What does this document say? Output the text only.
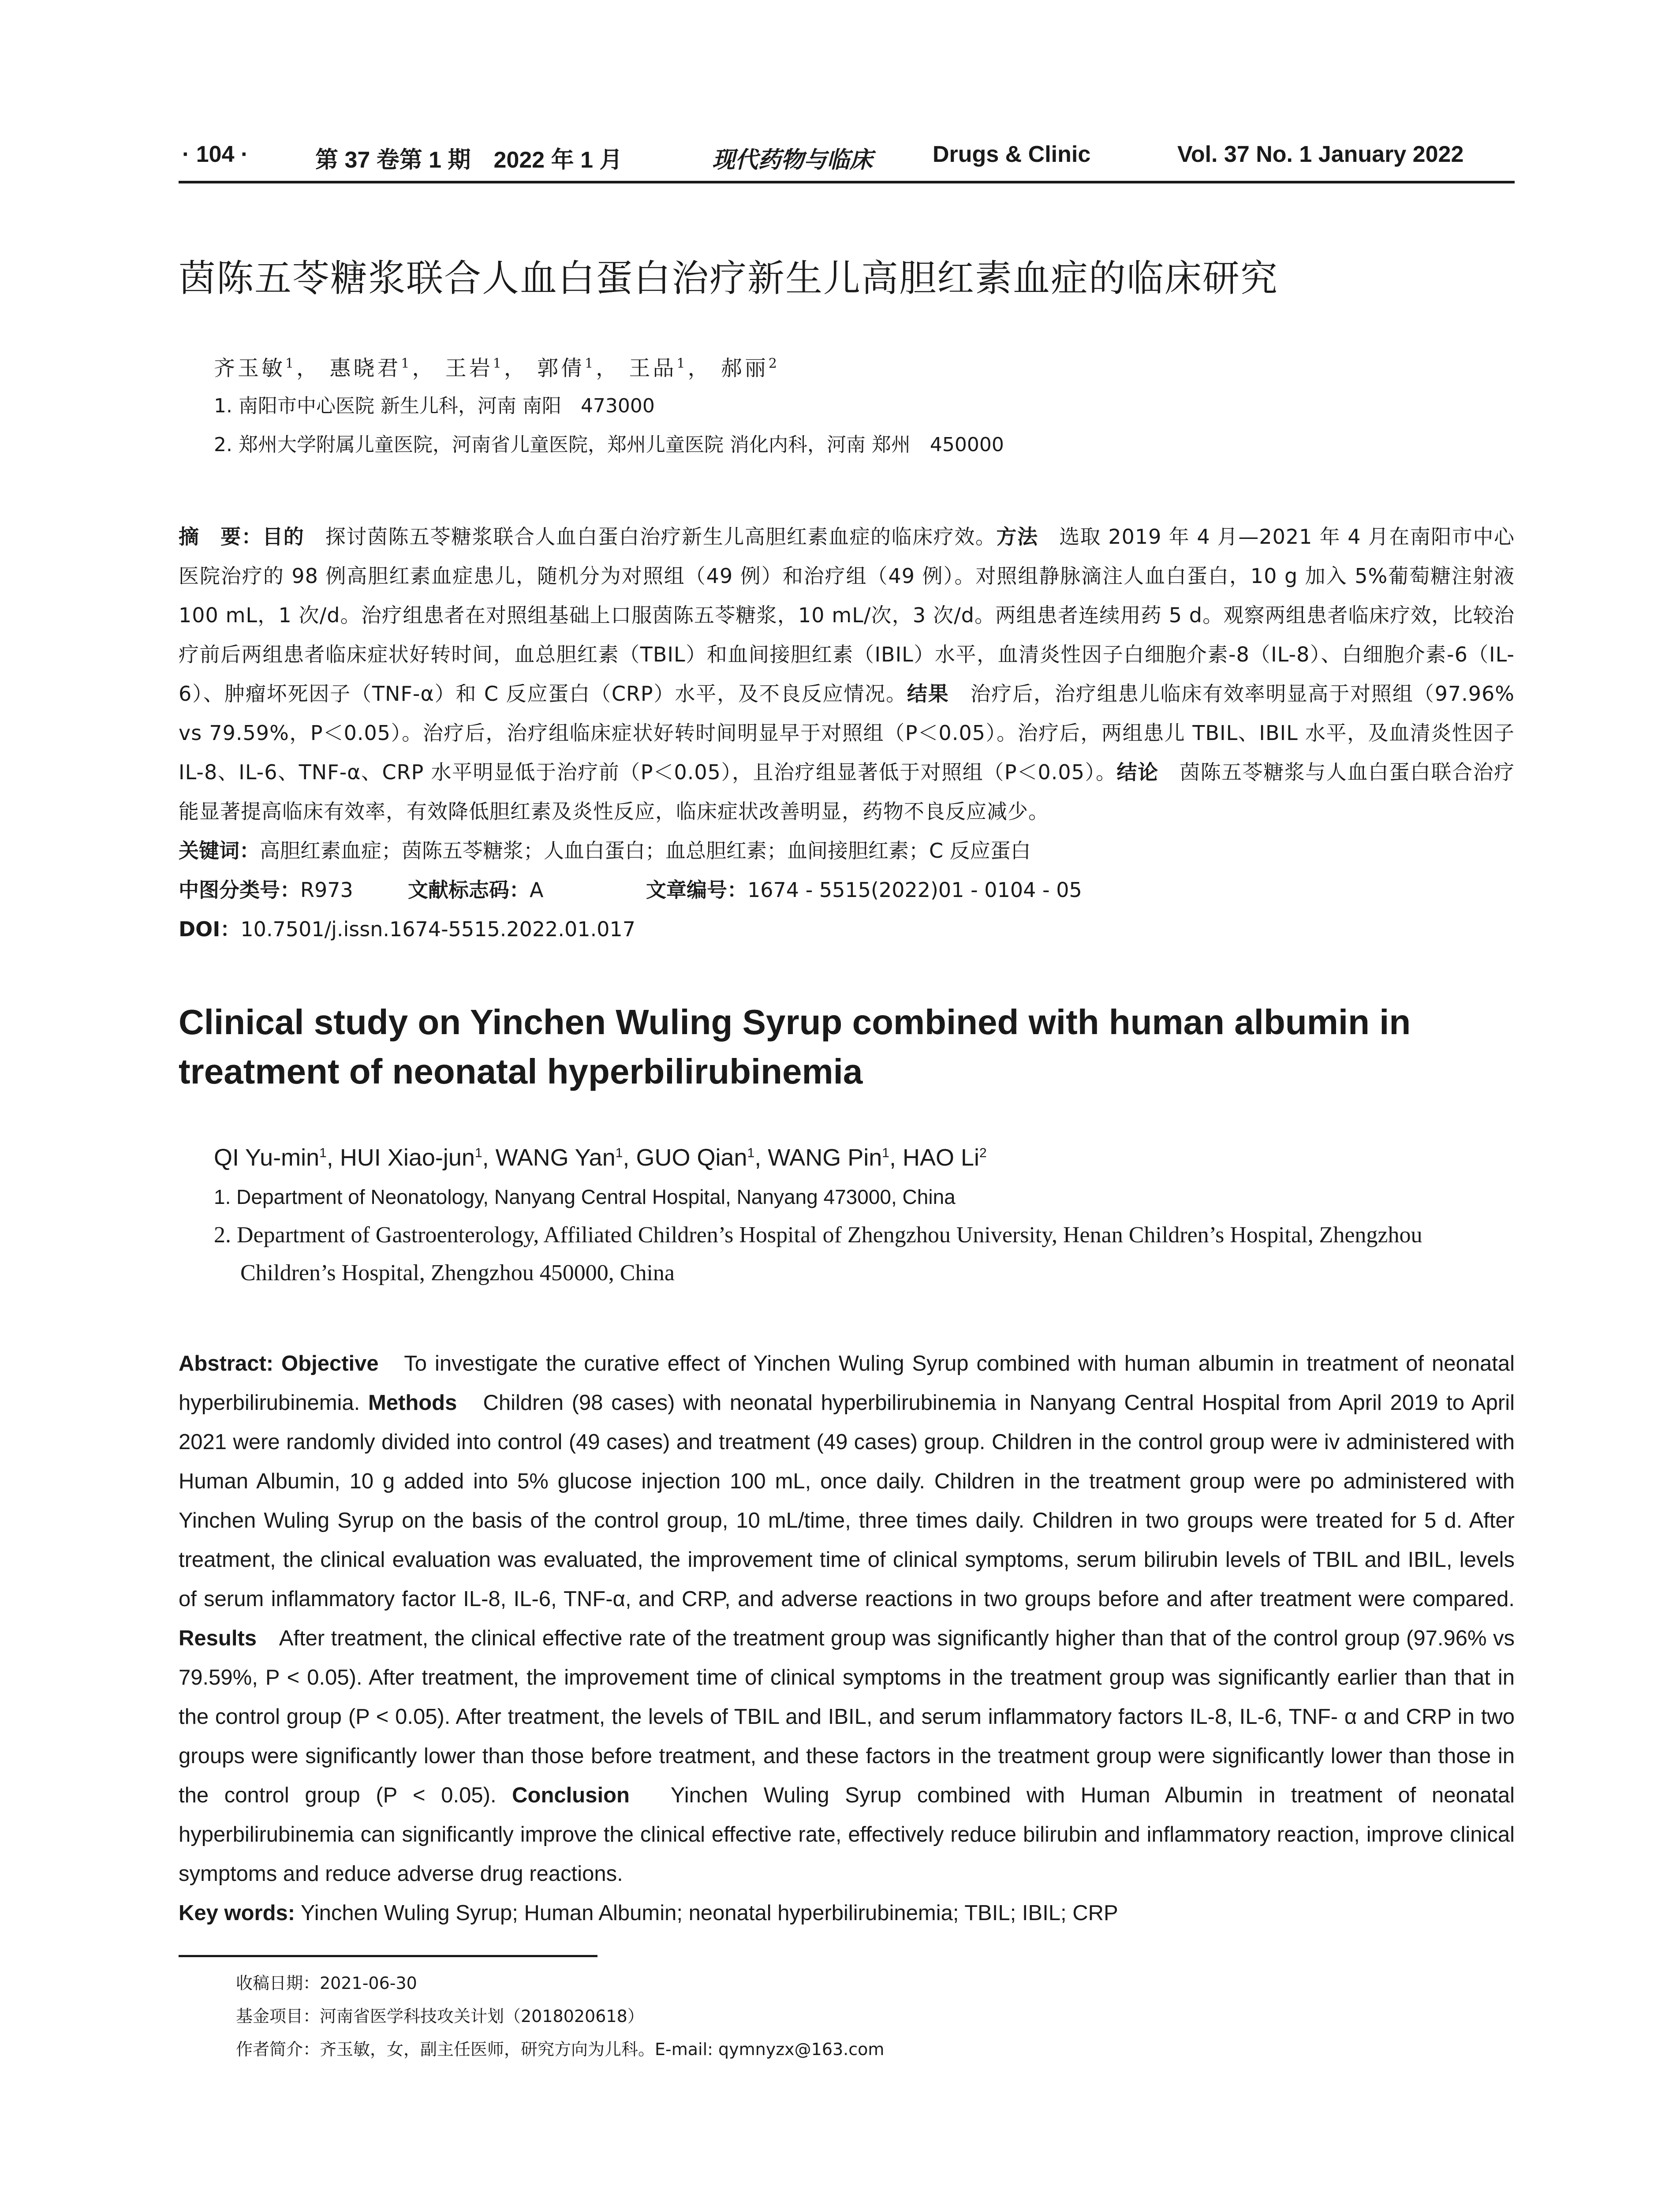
· 104 ·	第 37 卷第 1 期　2022 年 1 月	现代药物与临床	Drugs & Clinic	Vol. 37 No. 1 January 2022
茵陈五苓糖浆联合人血白蛋白治疗新生儿高胆红素血症的临床研究
齐玉敏$^1$， 惠晓君$^1$， 王岩$^1$， 郭倩$^1$， 王品$^1$， 郝丽$^2$
1. 南阳市中心医院 新生儿科，河南 南阳　473000
2. 郑州大学附属儿童医院，河南省儿童医院，郑州儿童医院 消化内科，河南 郑州　450000
摘　要：目的　探讨茵陈五苓糖浆联合人血白蛋白治疗新生儿高胆红素血症的临床疗效。方法　选取 2019 年 4 月—2021 年 4 月在南阳市中心医院治疗的 98 例高胆红素血症患儿，随机分为对照组（49 例）和治疗组（49 例）。对照组静脉滴注人血白蛋白，10 g 加入 5%葡萄糖注射液 100 mL，1 次/d。治疗组患者在对照组基础上口服茵陈五苓糖浆，10 mL/次，3 次/d。两组患者连续用药 5 d。观察两组患者临床疗效，比较治疗前后两组患者临床症状好转时间，血总胆红素（TBIL）和血间接胆红素（IBIL）水平，血清炎性因子白细胞介素-8（IL-8）、白细胞介素-6（IL-6）、肿瘤坏死因子（TNF-α）和 C 反应蛋白（CRP）水平，及不良反应情况。结果　治疗后，治疗组患儿临床有效率明显高于对照组（97.96% vs 79.59%，P＜0.05）。治疗后，治疗组临床症状好转时间明显早于对照组（P＜0.05）。治疗后，两组患儿 TBIL、IBIL 水平，及血清炎性因子 IL-8、IL-6、TNF-α、CRP 水平明显低于治疗前（P＜0.05），且治疗组显著低于对照组（P＜0.05）。结论　茵陈五苓糖浆与人血白蛋白联合治疗能显著提高临床有效率，有效降低胆红素及炎性反应，临床症状改善明显，药物不良反应减少。
关键词：高胆红素血症；茵陈五苓糖浆；人血白蛋白；血总胆红素；血间接胆红素；C 反应蛋白
中图分类号：R973	文献标志码：A	文章编号：1674 - 5515(2022)01 - 0104 - 05
DOI：10.7501/j.issn.1674-5515.2022.01.017
Clinical study on Yinchen Wuling Syrup combined with human albumin in treatment of neonatal hyperbilirubinemia
QI $Yu-\min^1$, HUI Xiao-jun$^1$, WANG Yan$^1$, GUO Qian$^1$, WANG Pin$^1$, HAO Li$^2$
1. Department of Neonatology, Nanyang Central Hospital, Nanyang 473000, China
2. Department of Gastroenterology, Affiliated Children’s Hospital of Zhengzhou University, Henan Children’s Hospital, Zhengzhou Children’s Hospital, Zhengzhou 450000, China
Abstract: Objective　To investigate the curative effect of Yinchen Wuling Syrup combined with human albumin in treatment of neonatal hyperbilirubinemia. Methods　Children (98 cases) with neonatal hyperbilirubinemia in Nanyang Central Hospital from April 2019 to April 2021 were randomly divided into control (49 cases) and treatment (49 cases) group. Children in the control group were iv administered with Human Albumin, 10 g added into 5% glucose injection 100 mL, once daily. Children in the treatment group were po administered with Yinchen Wuling Syrup on the basis of the control group, 10 mL/time, three times daily. Children in two groups were treated for 5 d. After treatment, the clinical evaluation was evaluated, the improvement time of clinical symptoms, serum bilirubin levels of TBIL and IBIL, levels of serum inflammatory factor IL-8, IL-6, TNF-α, and CRP, and adverse reactions in two groups before and after treatment were compared. Results　After treatment, the clinical effective rate of the treatment group was significantly higher than that of the control group (97.96% vs 79.59%, P < 0.05). After treatment, the improvement time of clinical symptoms in the treatment group was significantly earlier than that in the control group (P < 0.05). After treatment, the levels of TBIL and IBIL, and serum inflammatory factors IL-8, IL-6, TNF- α and CRP in two groups were significantly lower than those before treatment, and these factors in the treatment group were significantly lower than those in the control group (P < 0.05). Conclusion　Yinchen Wuling Syrup combined with Human Albumin in treatment of neonatal hyperbilirubinemia can significantly improve the clinical effective rate, effectively reduce bilirubin and inflammatory reaction, improve clinical symptoms and reduce adverse drug reactions.
Key words: Yinchen Wuling Syrup; Human Albumin; neonatal hyperbilirubinemia; TBIL; IBIL; CRP
收稿日期：2021-06-30
基金项目：河南省医学科技攻关计划（2018020618）
作者简介：齐玉敏，女，副主任医师，研究方向为儿科。E-mail: qymnyzx@163.com
